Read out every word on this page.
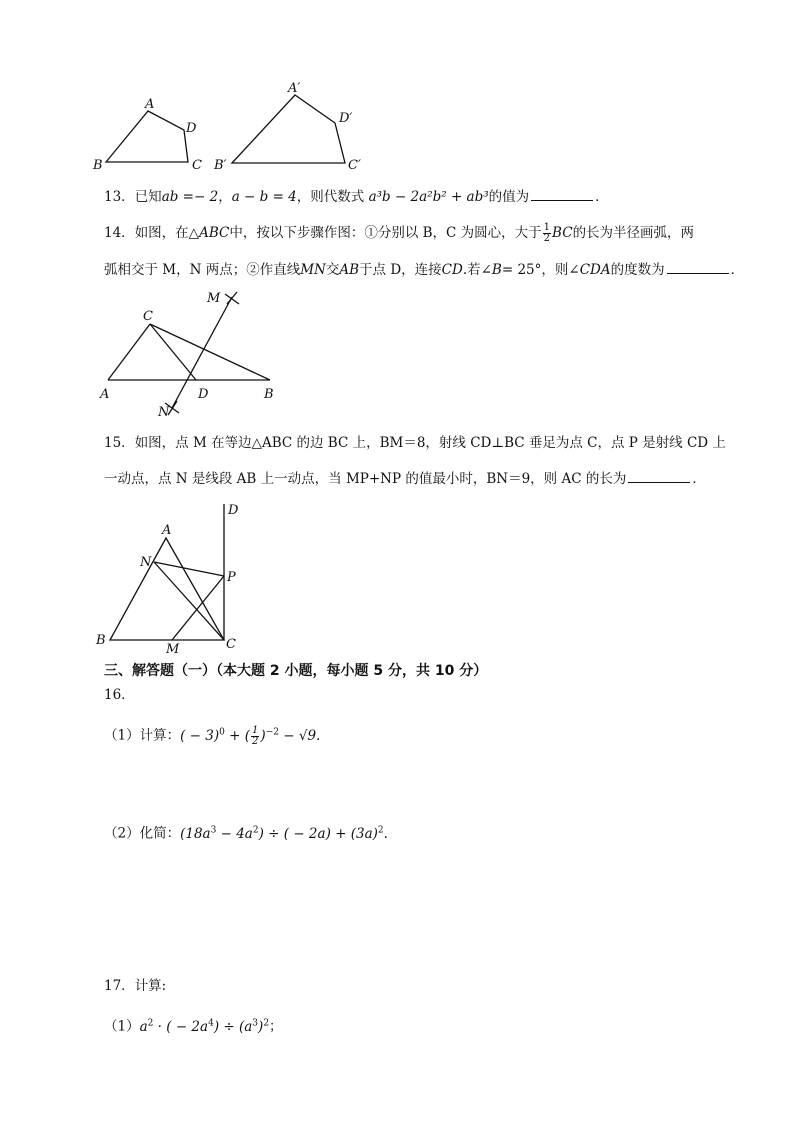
A
B	C
D
A′
B′	C′
D′
13．已知ab =− 2，a − b = 4，则代数式 a³b − 2a²b² + ab³的值为	．
14．如图，在△ABC中，按以下步骤作图：①分别以 B，C 为圆心，大于 $\frac{1}{2}$ BC的长为半径画弧，两
弧相交于 M，N 两点；②作直线MN交AB于点 D，连接CD.若∠B= 25°，则∠CDA的度数为	．
M
C
A	D	B
N
15．如图，点 M 在等边△ABC 的边 BC 上，BM＝8，射线 CD⊥BC 垂足为点 C，点 P 是射线 CD 上
一动点，点 N 是线段 AB 上一动点，当 MP+NP 的值最小时，BN＝9，则 AC 的长为	．
D
A
N
P
B
M	C
三、解答题（一）（本大题 2 小题，每小题 5 分，共 10 分）
16．
（1）计算：( − 3)$^0$ + ( $\frac{1}{2} )^{-2} - √9$.
（2）化简：$(18a^3 - 4a^2)$ ÷ ( − $2a) + (3a)^2$.
17．计算:
$(1)a^2$ · ( − $2a^4) \div (a^3)^2$；
